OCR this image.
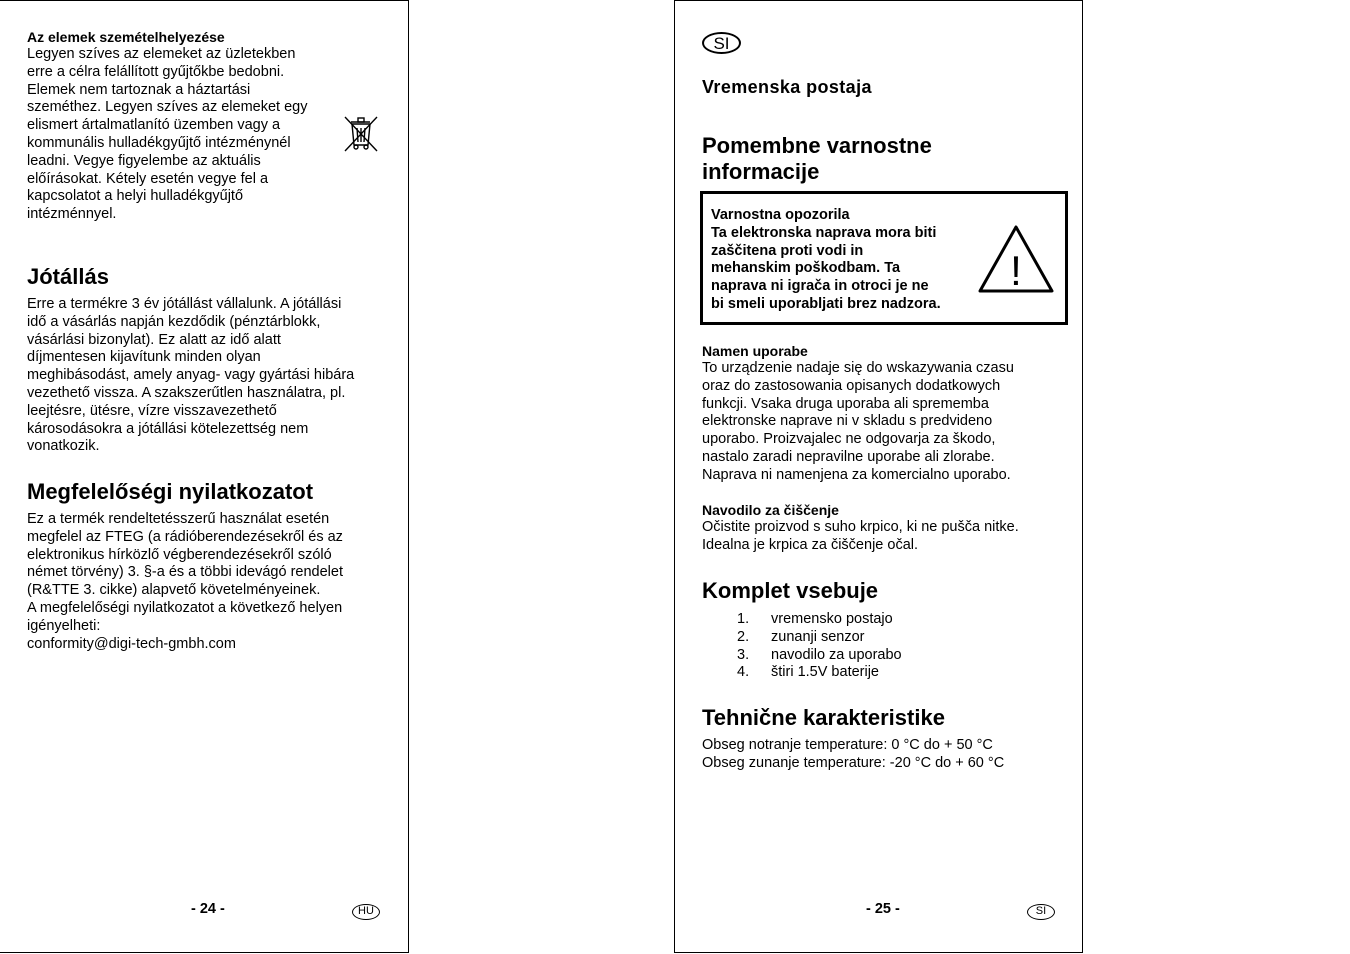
Az elemek szemételhelyezése
Legyen szíves az elemeket az üzletekben
erre a célra felállított gyűjtőkbe bedobni.
Elemek nem tartoznak a háztartási
szeméthez. Legyen szíves az elemeket egy
elismert ártalmatlanító üzemben vagy a
kommunális hulladékgyűjtő intézménynél
leadni. Vegye figyelembe az aktuális
előírásokat. Kétely esetén vegye fel a
kapcsolatot a helyi hulladékgyűjtő
intézménnyel.
Jótállás
Erre a termékre 3 év jótállást vállalunk. A jótállási
idő a vásárlás napján kezdődik (pénztárblokk,
vásárlási bizonylat). Ez alatt az idő alatt
díjmentesen kijavítunk minden olyan
meghibásodást, amely anyag- vagy gyártási hibára
vezethető vissza. A szakszerűtlen használatra, pl.
leejtésre, ütésre, vízre visszavezethető
károsodásokra a jótállási kötelezettség nem
vonatkozik.
Megfelelőségi nyilatkozatot
Ez a termék rendeltetésszerű használat esetén
megfelel az FTEG (a rádióberendezésekről és az
elektronikus hírközlő végberendezésekről szóló
német törvény) 3. §-a és a többi idevágó rendelet
(R&TTE 3. cikke) alapvető követelményeinek.
A megfelelőségi nyilatkozatot a következő helyen
igényelheti:
conformity@digi-tech-gmbh.com
- 24 -	HU
SI
Vremenska postaja
Pomembne varnostne
informacije
Varnostna opozorila
Ta elektronska naprava mora biti
zaščitena proti vodi in
mehanskim poškodbam. Ta
naprava ni igrača in otroci je ne
bi smeli uporabljati brez nadzora.
!
Namen uporabe
To urządzenie nadaje się do wskazywania czasu
oraz do zastosowania opisanych dodatkowych
funkcji. Vsaka druga uporaba ali sprememba
elektronske naprave ni v skladu s predvideno
uporabo. Proizvajalec ne odgovarja za škodo,
nastalo zaradi nepravilne uporabe ali zlorabe.
Naprava ni namenjena za komercialno uporabo.
Navodilo za čiščenje
Očistite proizvod s suho krpico, ki ne pušča nitke.
Idealna je krpica za čiščenje očal.
Komplet vsebuje
1. vremensko postajo
2. zunanji senzor
3. navodilo za uporabo
4. štiri 1.5V baterije
Tehnične karakteristike
Obseg notranje temperature: 0 °C do + 50 °C
Obseg zunanje temperature: -20 °C do + 60 °C
- 25 -	SI
